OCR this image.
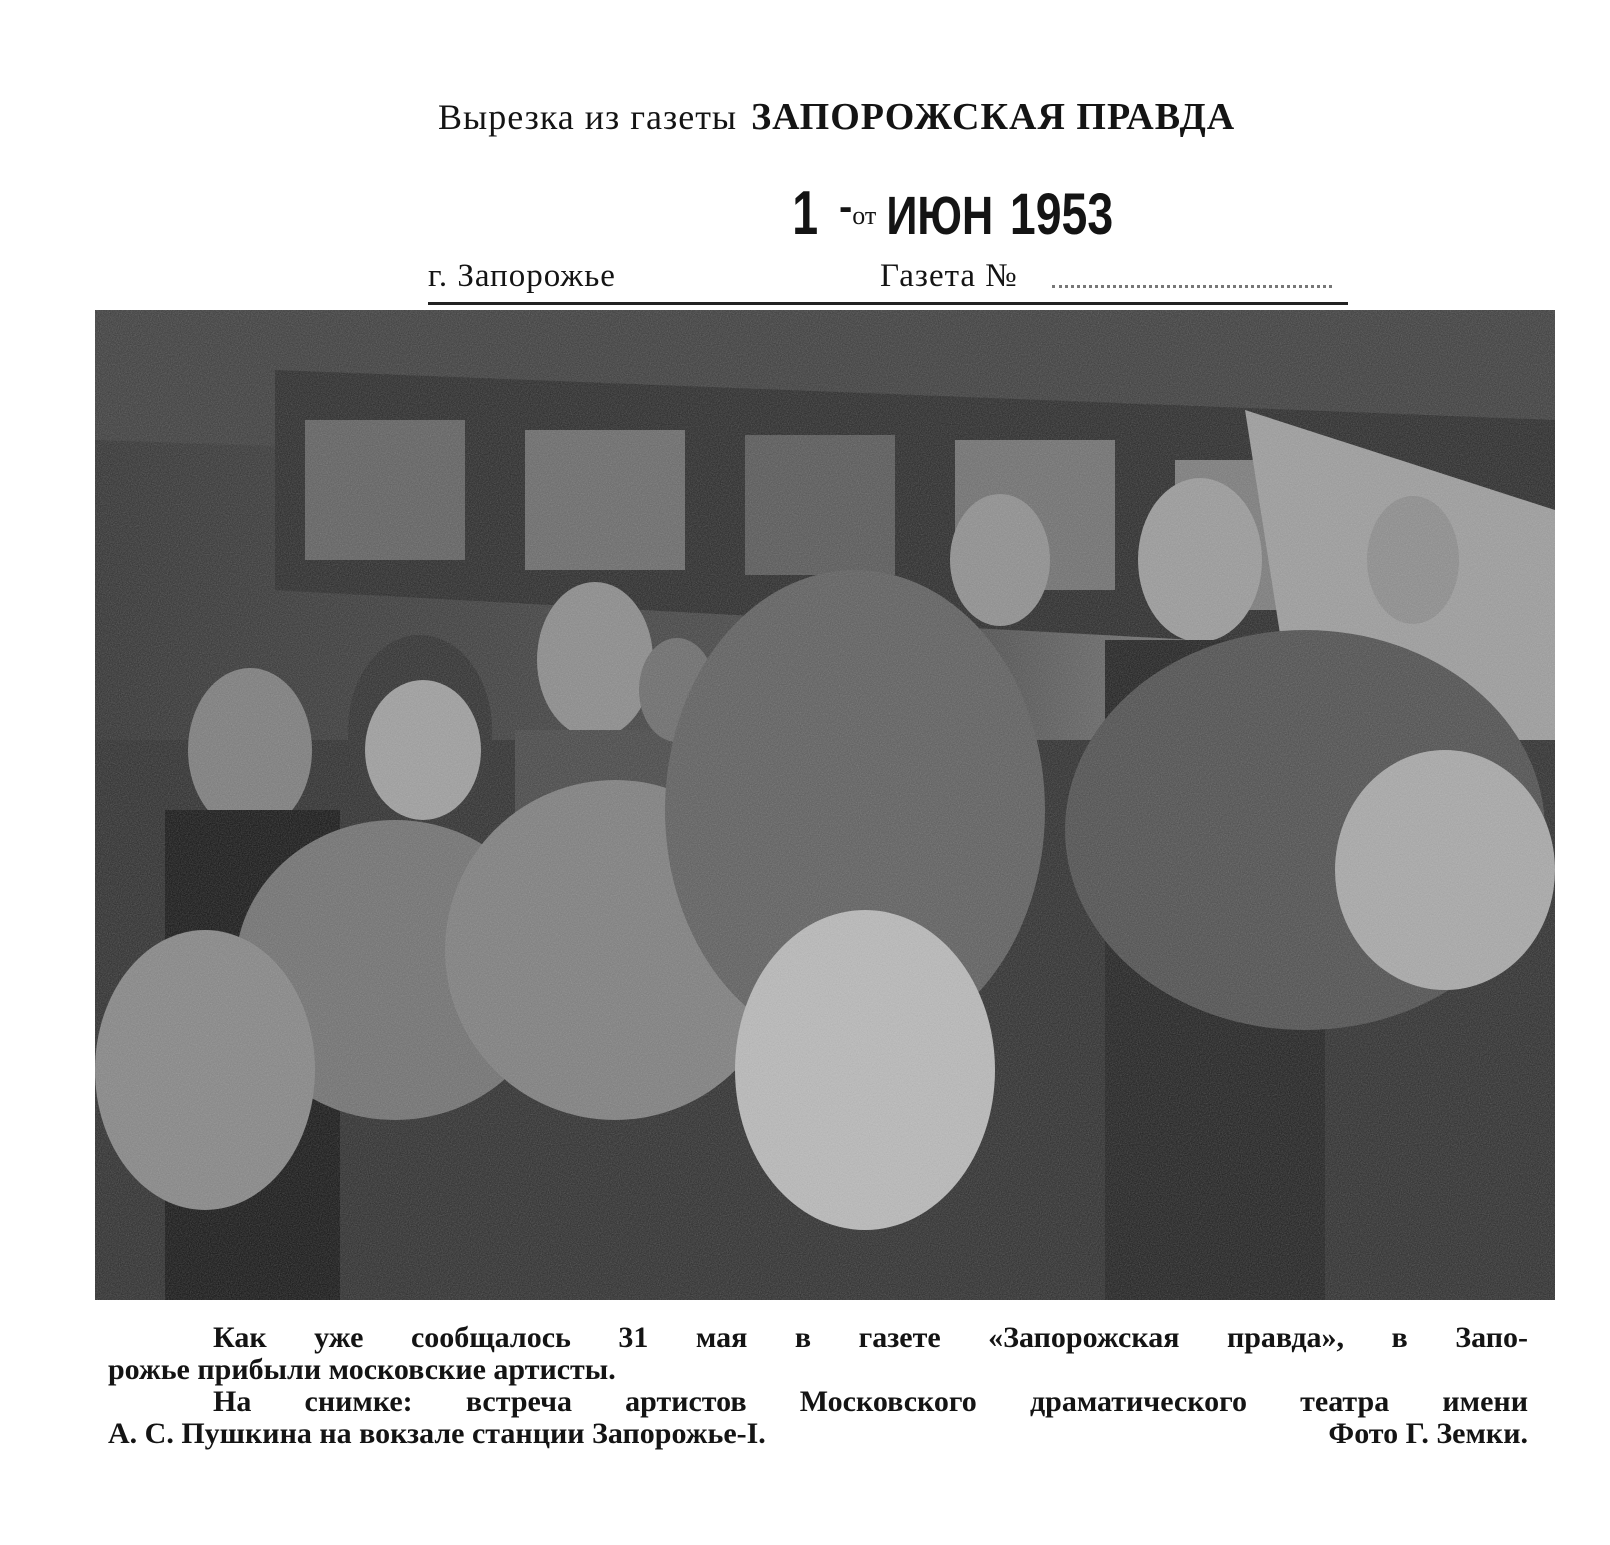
Вырезка из газеты ЗАПОРОЖСКАЯ ПРАВДА
1 -от ИЮН 1953
г. Запорожье	Газета №

Как уже сообщалось 31 мая в газете «Запорожская правда», в Запо-

рожье прибыли московские артисты.

На снимке: встреча артистов Московского драматического театра имени

А. С. Пушкина на вокзале станции Запорожье-I.	Фото Г. Земки.
